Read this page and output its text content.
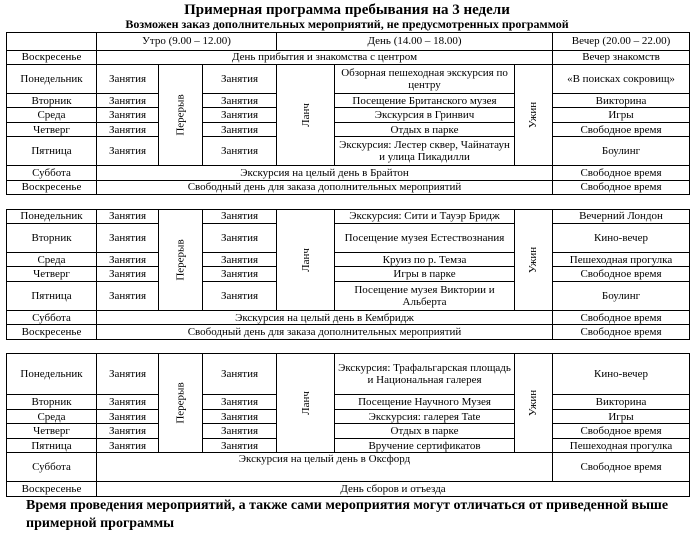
Примерная программа пребывания на 3 недели
Возможен заказ дополнительных мероприятий, не предусмотренных программой
	Утро (9.00 – 12.00)			День (14.00 – 18.00)			Вечер (20.00 – 22.00)
Воскресенье	День прибытия и знакомства с центром						Вечер знакомств
Понедельник	Занятия	Перерыв	Занятия	Ланч	Обзорная пешеходная экскурсия по центру	Ужин	«В поисках сокровищ»
Вторник	Занятия		Занятия		Посещение Британского музея		Викторина
Среда	Занятия		Занятия		Экскурсия в Гринвич		Игры
Четверг	Занятия		Занятия		Отдых в парке		Свободное время
Пятница	Занятия		Занятия		Экскурсия: Лестер сквер, Чайнатаун и улица Пикадилли		Боулинг
Суббота	Экскурсия на целый день в Брайтон						Свободное время
Воскресенье	Свободный день для заказа дополнительных мероприятий						Свободное время

Понедельник	Занятия	Перерыв	Занятия	Ланч	Экскурсия: Сити и Тауэр Бридж	Ужин	Вечерний Лондон
Вторник	Занятия		Занятия		Посещение музея Естествознания		Кино-вечер
Среда	Занятия		Занятия		Круиз по р. Темза		Пешеходная прогулка
Четверг	Занятия		Занятия		Игры в парке		Свободное время
Пятница	Занятия		Занятия		Посещение музея Виктории и Альберта		Боулинг
Суббота	Экскурсия на целый день в Кембридж						Свободное время
Воскресенье	Свободный день для заказа дополнительных мероприятий						Свободное время

Понедельник	Занятия	Перерыв	Занятия	Ланч	Экскурсия: Трафальгарская площадь и Национальная галерея	Ужин	Кино-вечер
Вторник	Занятия		Занятия		Посещение Научного Музея		Викторина
Среда	Занятия		Занятия		Экскурсия: галерея Tate		Игры
Четверг	Занятия		Занятия		Отдых в парке		Свободное время
Пятница	Занятия		Занятия		Вручение сертификатов		Пешеходная прогулка
Суббота	Экскурсия на целый день в Оксфорд						Свободное время
Воскресенье	День сборов и отъезда						
Время проведения мероприятий, а также сами мероприятия могут отличаться от приведенной выше примерной программы
